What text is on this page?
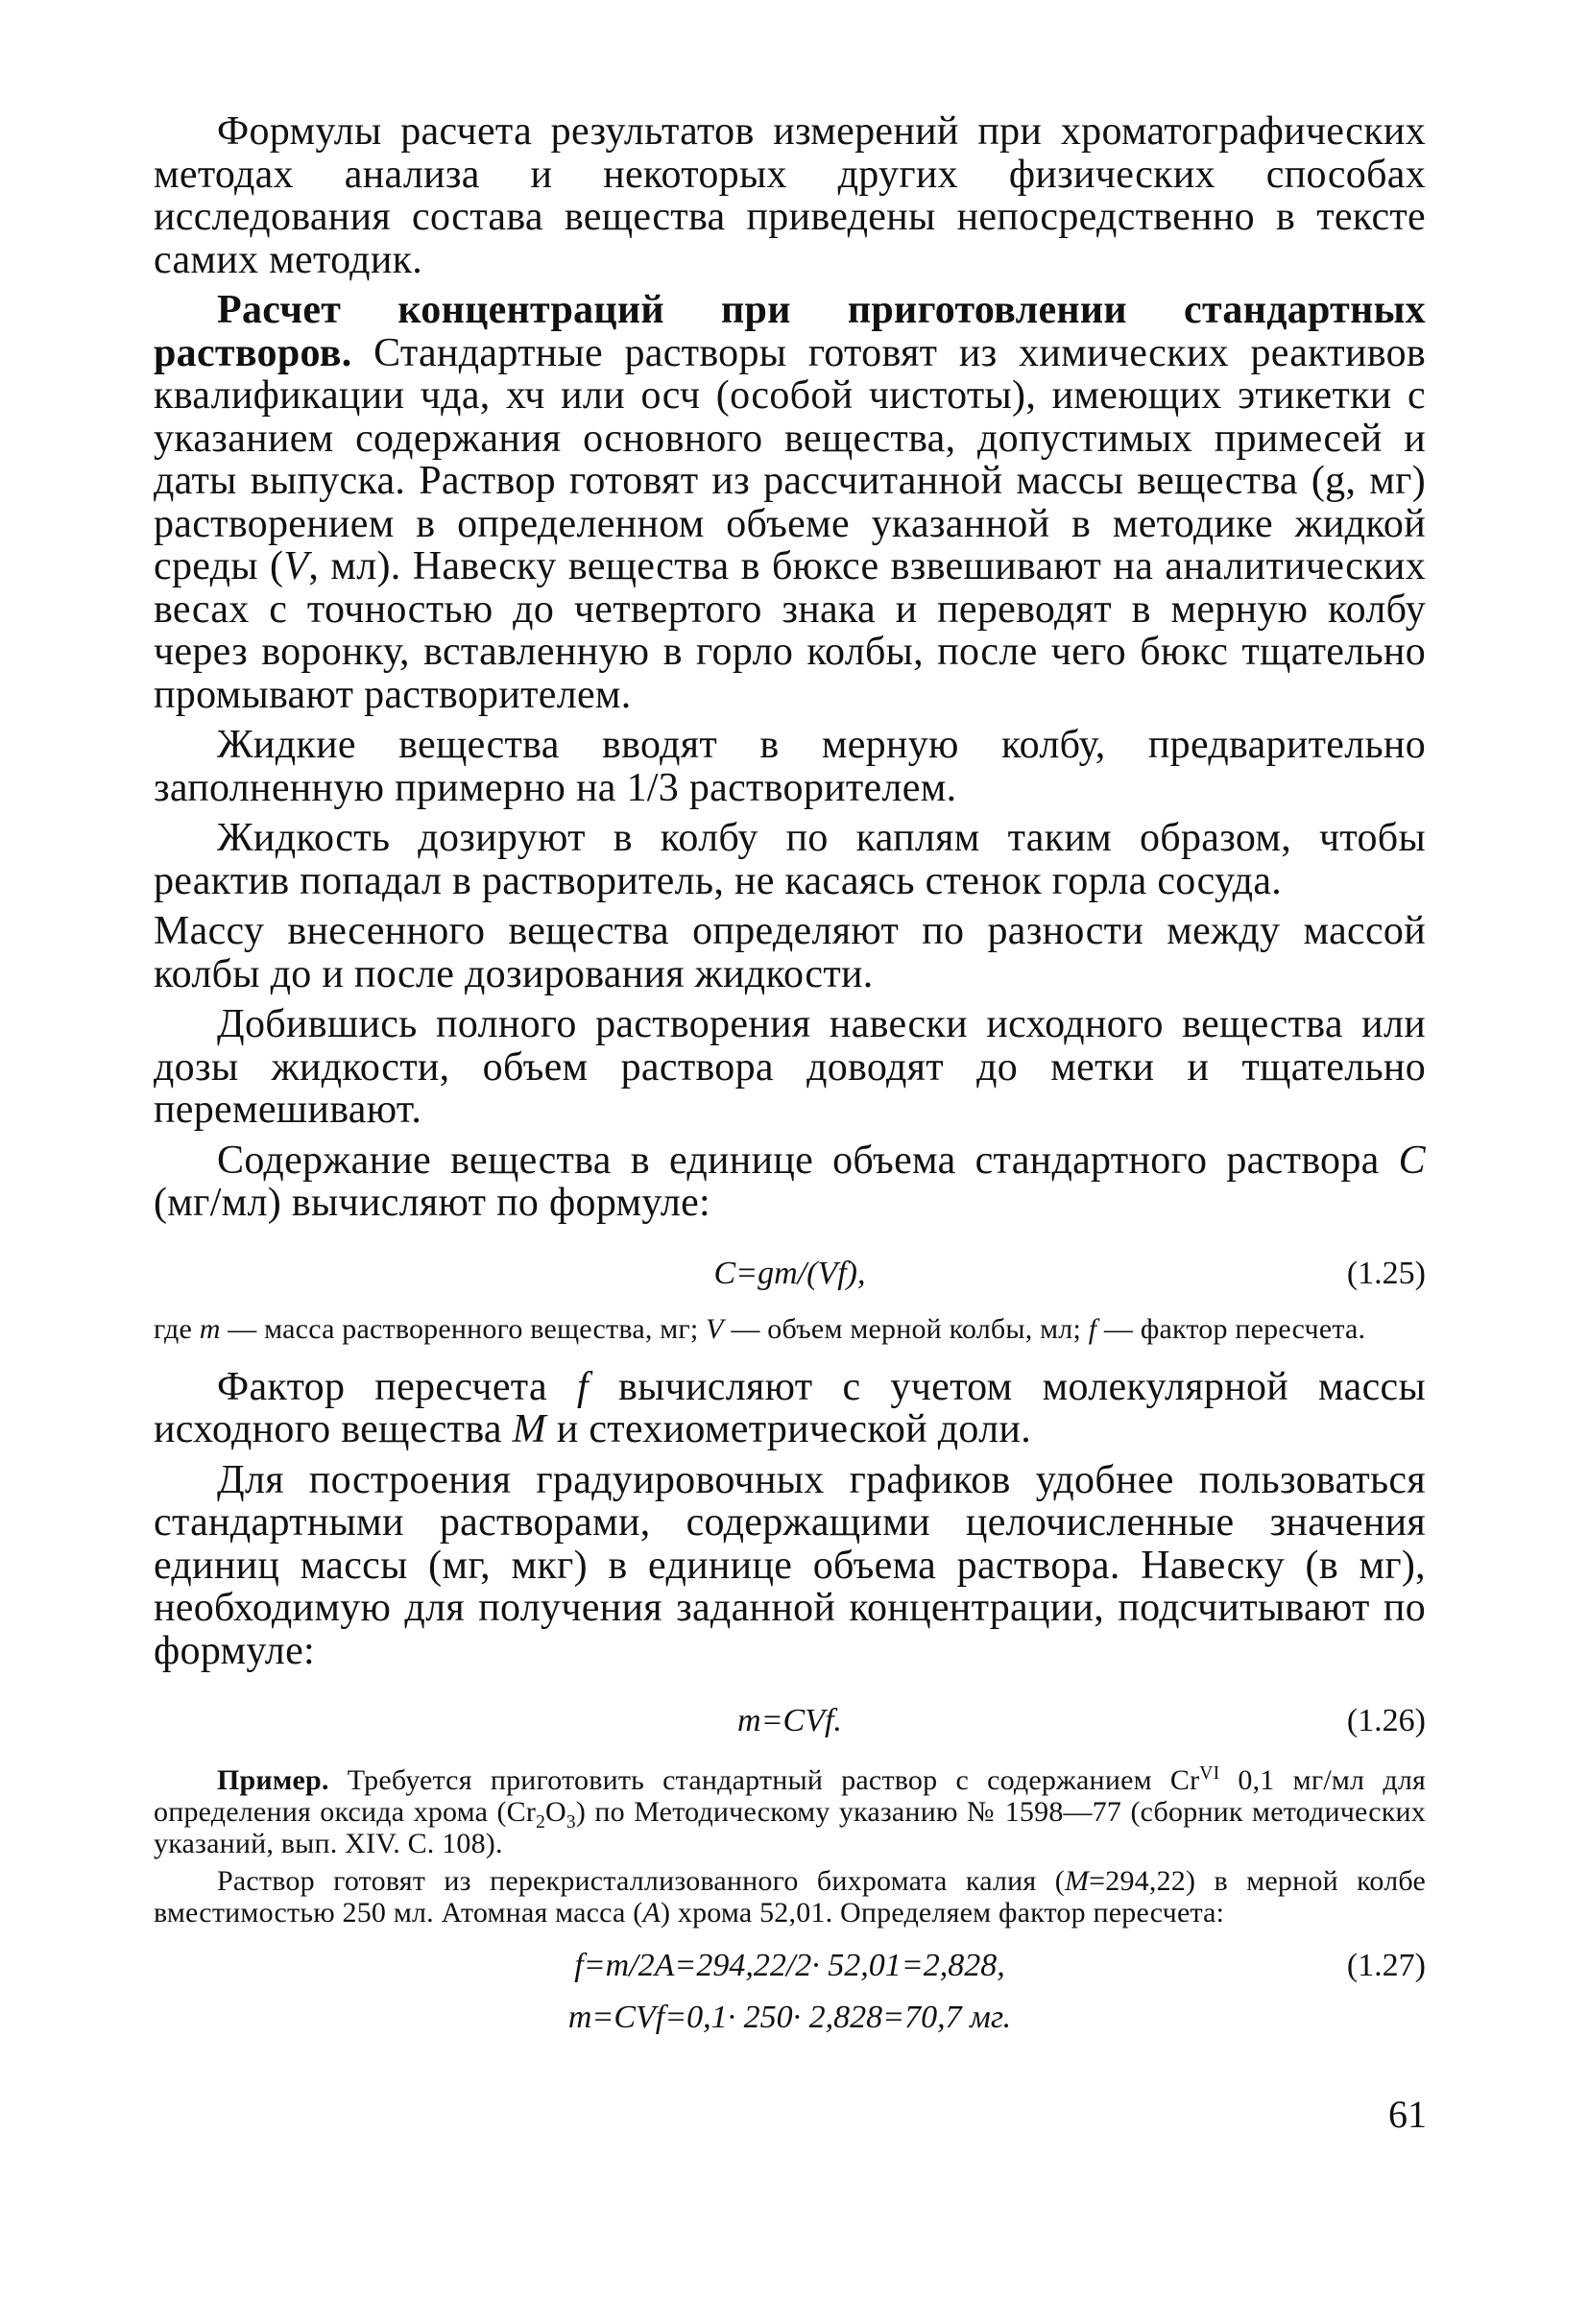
Формулы расчета результатов измерений при хроматографических методах анализа и некоторых других физических способах исследования состава вещества приведены непосредственно в тексте самих методик.

Расчет концентраций при приготовлении стандартных растворов. Стандартные растворы готовят из химических реактивов квалификации чда, хч или осч (особой чистоты), имеющих этикетки с указанием содержания основного вещества, допустимых примесей и даты выпуска. Раствор готовят из рассчитанной массы вещества (g, мг) растворением в определенном объеме указанной в методике жидкой среды (V, мл). Навеску вещества в бюксе взвешивают на аналитических весах с точностью до четвертого знака и переводят в мерную колбу через воронку, вставленную в горло колбы, после чего бюкс тщательно промывают растворителем.

Жидкие вещества вводят в мерную колбу, предварительно заполненную примерно на 1/3 растворителем.

Жидкость дозируют в колбу по каплям таким образом, чтобы реактив попадал в растворитель, не касаясь стенок горла сосуда.

Массу внесенного вещества определяют по разности между массой колбы до и после дозирования жидкости.

Добившись полного растворения навески исходного вещества или дозы жидкости, объем раствора доводят до метки и тщательно перемешивают.

Содержание вещества в единице объема стандартного раствора C (мг/мл) вычисляют по формуле:

C=gm/(Vf),	(1.25)

где m — масса растворенного вещества, мг; V — объем мерной колбы, мл; f — фактор пересчета.

Фактор пересчета f вычисляют с учетом молекулярной массы исходного вещества M и стехиометрической доли.

Для построения градуировочных графиков удобнее пользоваться стандартными растворами, содержащими целочисленные значения единиц массы (мг, мкг) в единице объема раствора. Навеску (в мг), необходимую для получения заданной концентрации, подсчитывают по формуле:

m=CVf.	(1.26)

Пример. Требуется приготовить стандартный раствор с содержанием $Cr^{VI}$ 0,1 мг/мл для определения оксида хрома $(Cr_2O_3)$ по Методическому указанию № 1598—77 (сборник методических указаний, вып. XIV. С. 108).

Раствор готовят из перекристаллизованного бихромата калия (M=294,22) в мерной колбе вместимостью 250 мл. Атомная масса (A) хрома 52,01. Определяем фактор пересчета:

f=m/2A=294,22/2· 52,01=2,828,	(1.27)
m=CVf=0,1· 250· 2,828=70,7 мг.
61
